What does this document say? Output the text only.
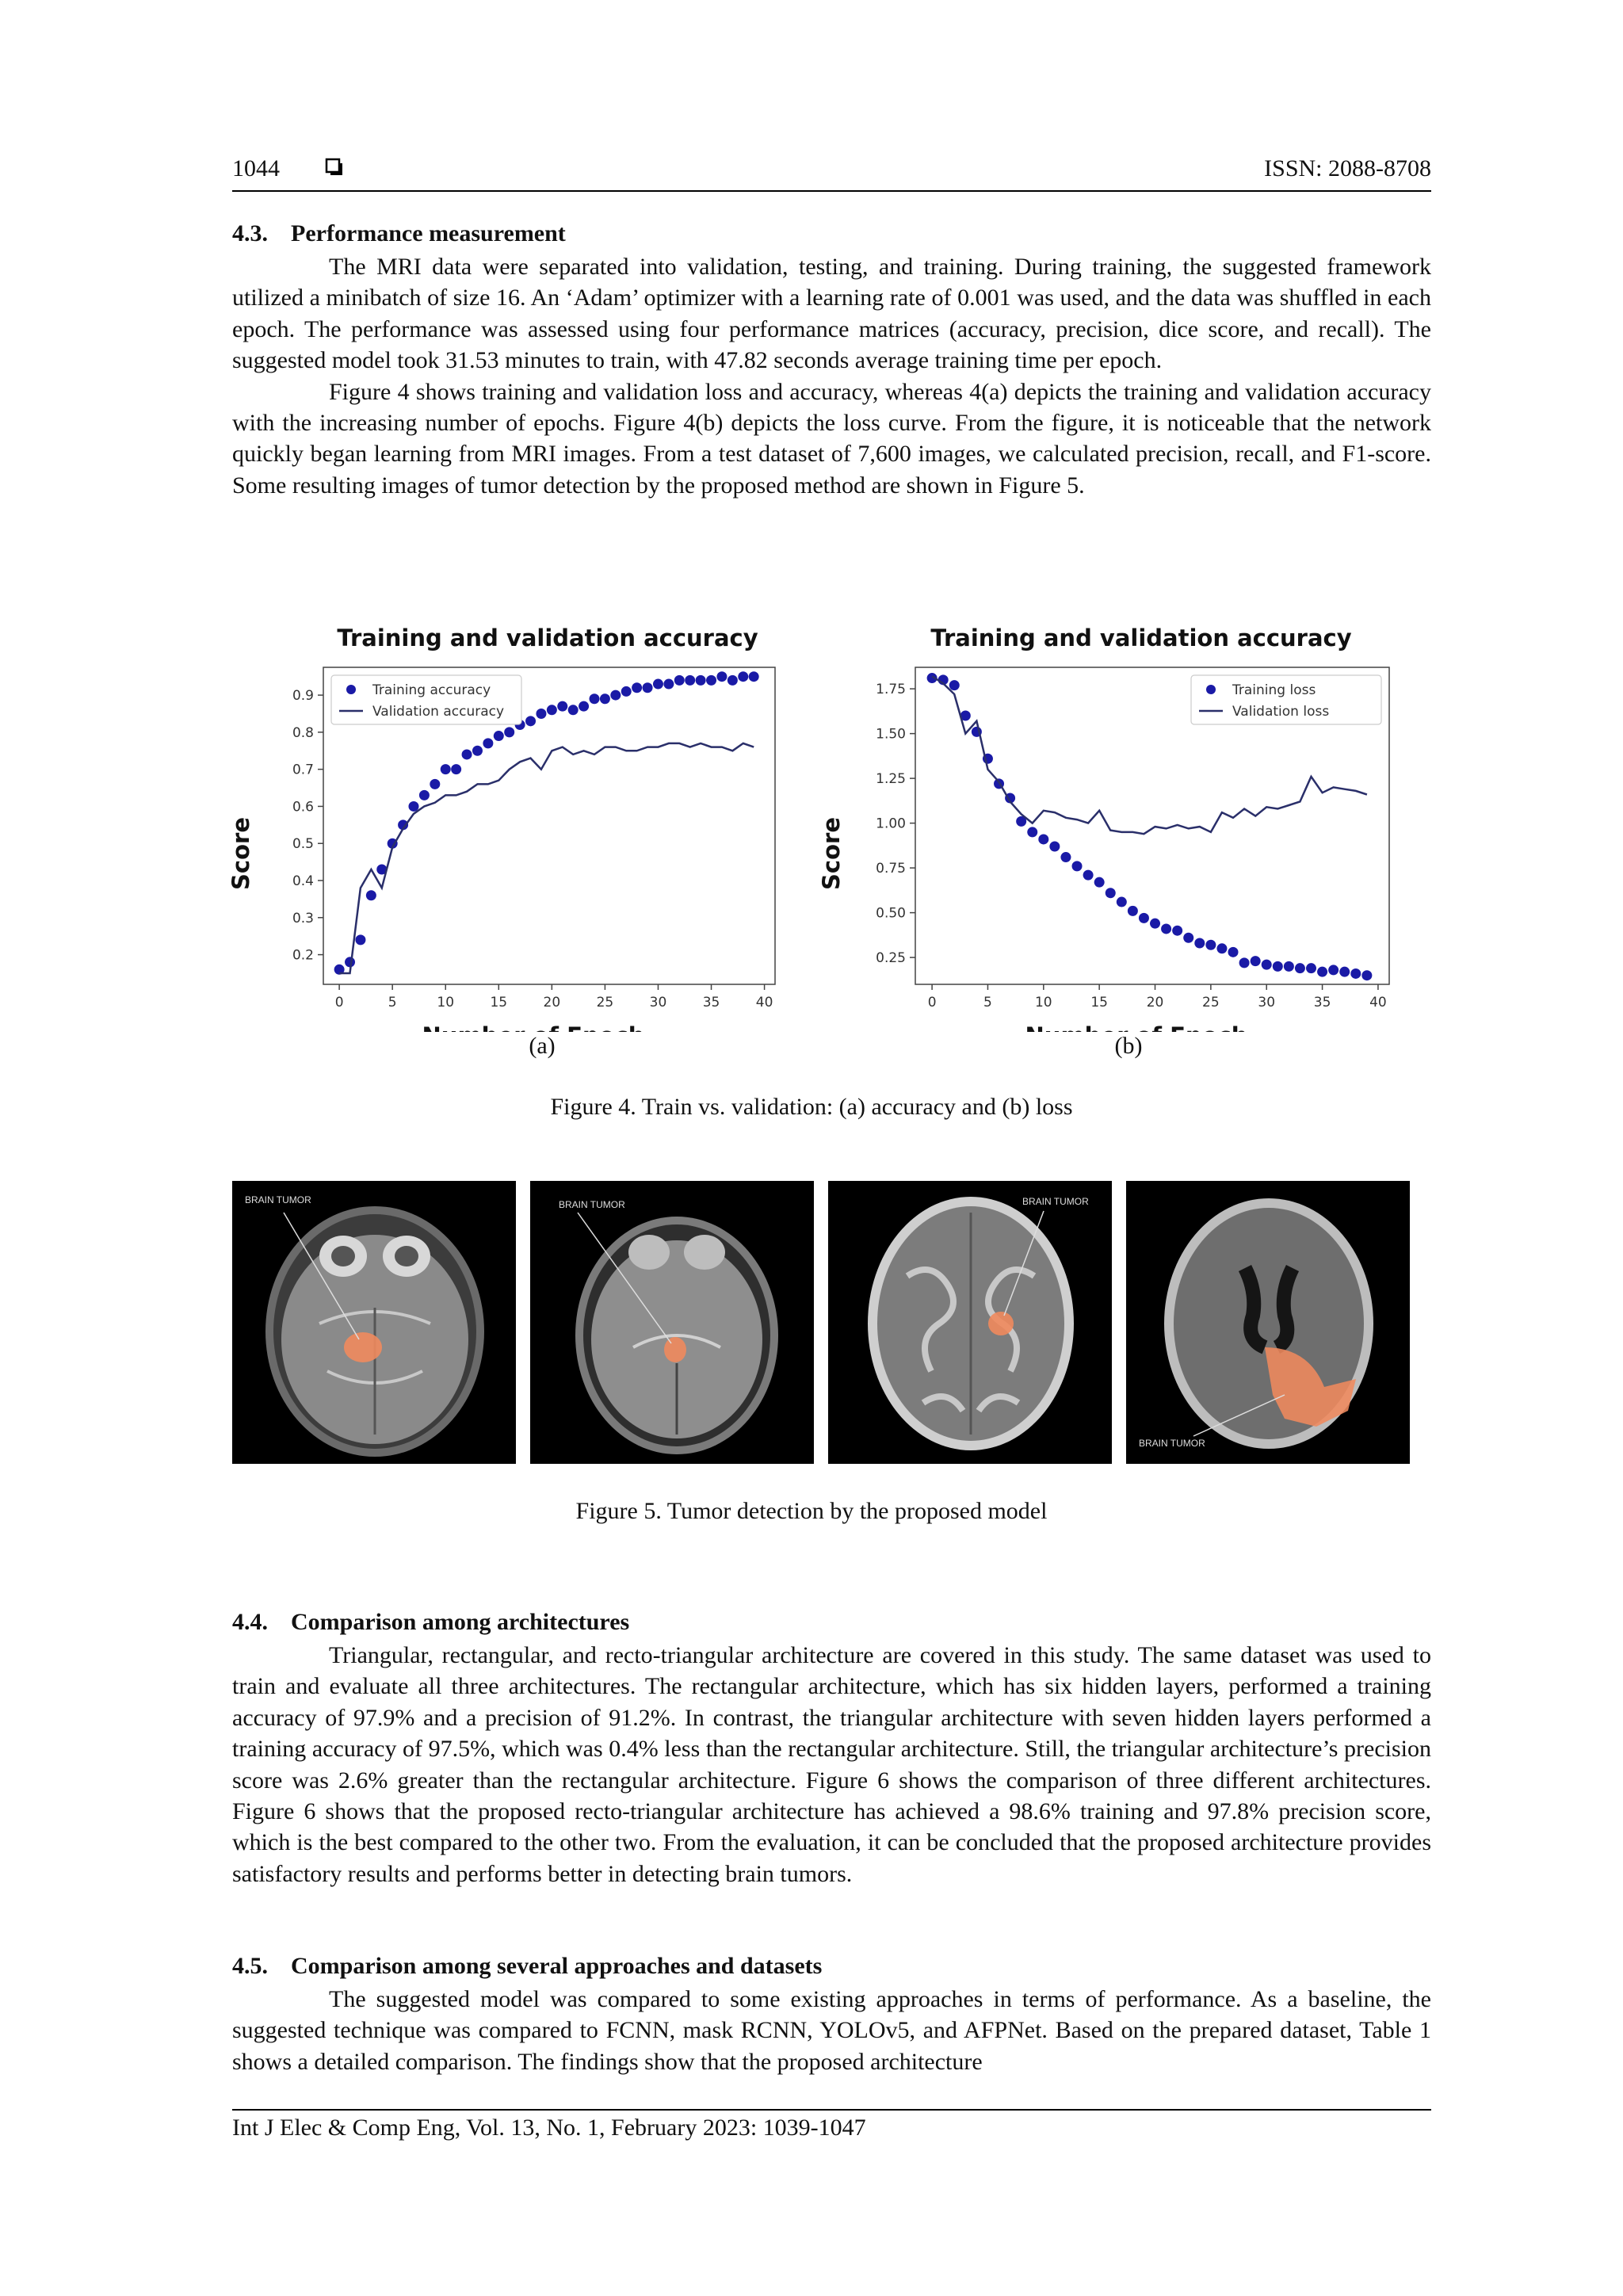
1044	ISSN: 2088-8708
4.3. Performance measurement

The MRI data were separated into validation, testing, and training. During training, the suggested framework utilized a minibatch of size 16. An ‘Adam’ optimizer with a learning rate of 0.001 was used, and the data was shuffled in each epoch. The performance was assessed using four performance matrices (accuracy, precision, dice score, and recall). The suggested model took 31.53 minutes to train, with 47.82 seconds average training time per epoch.

Figure 4 shows training and validation loss and accuracy, whereas 4(a) depicts the training and validation accuracy with the increasing number of epochs. Figure 4(b) depicts the loss curve. From the figure, it is noticeable that the network quickly began learning from MRI images. From a test dataset of 7,600 images, we calculated precision, recall, and F1-score. Some resulting images of tumor detection by the proposed method are shown in Figure 5.

Training and validation accuracy	Training and validation accuracy
0	5	10	15	20	25	30	35	40
0.2
0.3
0.4
0.5
0.6
0.7
0.8
0.9
Score
Training accuracy
Validation accuracy
0	5	10	15	20	25	30	35	40
0.25
0.50
0.75
1.00
1.25
1.50
1.75
Score
Training loss
Validation loss
(a)	(b)
Figure 4. Train vs. validation: (a) accuracy and (b) loss
BRAIN TUMOR	BRAIN TUMOR	BRAIN TUMOR
BRAIN TUMOR
Figure 5. Tumor detection by the proposed model
4.4. Comparison among architectures

Triangular, rectangular, and recto-triangular architecture are covered in this study. The same dataset was used to train and evaluate all three architectures. The rectangular architecture, which has six hidden layers, performed a training accuracy of 97.9% and a precision of 91.2%. In contrast, the triangular architecture with seven hidden layers performed a training accuracy of 97.5%, which was 0.4% less than the rectangular architecture. Still, the triangular architecture’s precision score was 2.6% greater than the rectangular architecture. Figure 6 shows the comparison of three different architectures. Figure 6 shows that the proposed recto-triangular architecture has achieved a 98.6% training and 97.8% precision score, which is the best compared to the other two. From the evaluation, it can be concluded that the proposed architecture provides satisfactory results and performs better in detecting brain tumors.

4.5. Comparison among several approaches and datasets

The suggested model was compared to some existing approaches in terms of performance. As a baseline, the suggested technique was compared to FCNN, mask RCNN, YOLOv5, and AFPNet. Based on the prepared dataset, Table 1 shows a detailed comparison. The findings show that the proposed architecture

Int J Elec & Comp Eng, Vol. 13, No. 1, February 2023: 1039-1047
